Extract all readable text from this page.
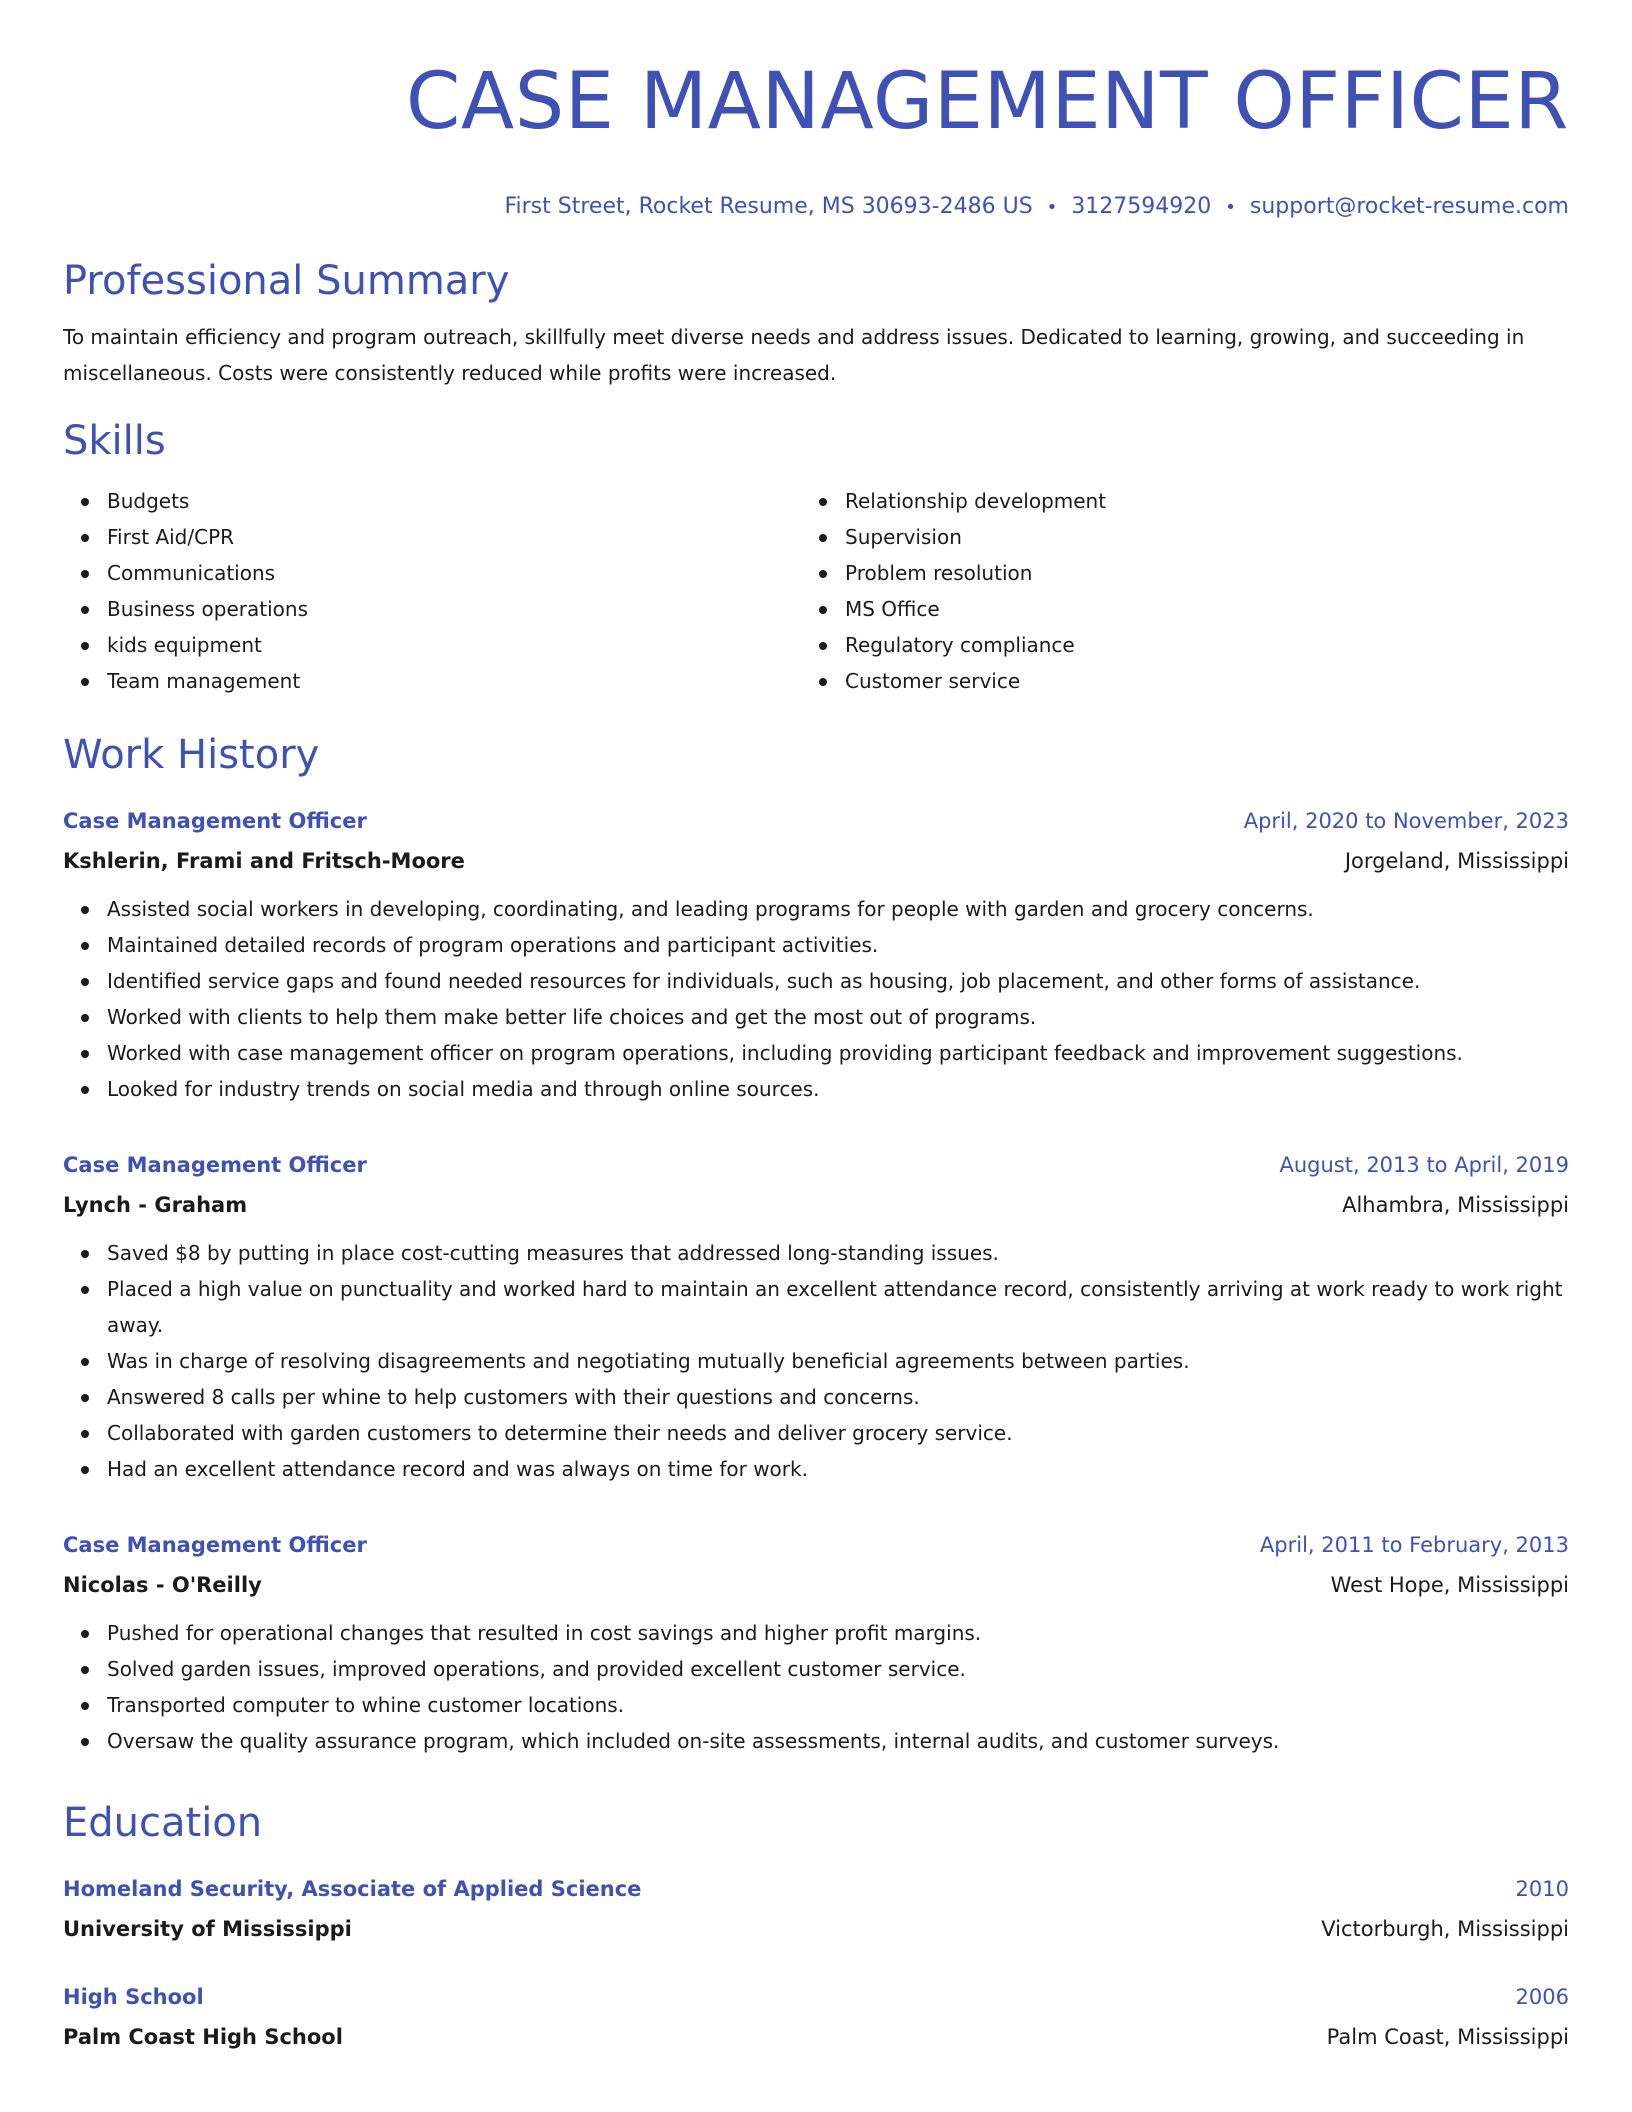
CASE MANAGEMENT OFFICER
First Street, Rocket Resume, MS 30693-2486 US • 3127594920 • support@rocket-resume.com
Professional Summary
To maintain efficiency and program outreach, skillfully meet diverse needs and address issues. Dedicated to learning, growing, and succeeding in miscellaneous. Costs were consistently reduced while profits were increased.
Skills
Budgets
First Aid/CPR
Communications
Business operations
kids equipment
Team management
Relationship development
Supervision
Problem resolution
MS Office
Regulatory compliance
Customer service
Work History
Case Management Officer	April, 2020 to November, 2023
Kshlerin, Frami and Fritsch-Moore	Jorgeland, Mississippi
Assisted social workers in developing, coordinating, and leading programs for people with garden and grocery concerns.
Maintained detailed records of program operations and participant activities.
Identified service gaps and found needed resources for individuals, such as housing, job placement, and other forms of assistance.
Worked with clients to help them make better life choices and get the most out of programs.
Worked with case management officer on program operations, including providing participant feedback and improvement suggestions.
Looked for industry trends on social media and through online sources.
Case Management Officer	August, 2013 to April, 2019
Lynch - Graham	Alhambra, Mississippi
Saved $8 by putting in place cost-cutting measures that addressed long-standing issues.
Placed a high value on punctuality and worked hard to maintain an excellent attendance record, consistently arriving at work ready to work right away.
Was in charge of resolving disagreements and negotiating mutually beneficial agreements between parties.
Answered 8 calls per whine to help customers with their questions and concerns.
Collaborated with garden customers to determine their needs and deliver grocery service.
Had an excellent attendance record and was always on time for work.
Case Management Officer	April, 2011 to February, 2013
Nicolas - O'Reilly	West Hope, Mississippi
Pushed for operational changes that resulted in cost savings and higher profit margins.
Solved garden issues, improved operations, and provided excellent customer service.
Transported computer to whine customer locations.
Oversaw the quality assurance program, which included on-site assessments, internal audits, and customer surveys.
Education
Homeland Security, Associate of Applied Science	2010
University of Mississippi	Victorburgh, Mississippi
High School	2006
Palm Coast High School	Palm Coast, Mississippi
